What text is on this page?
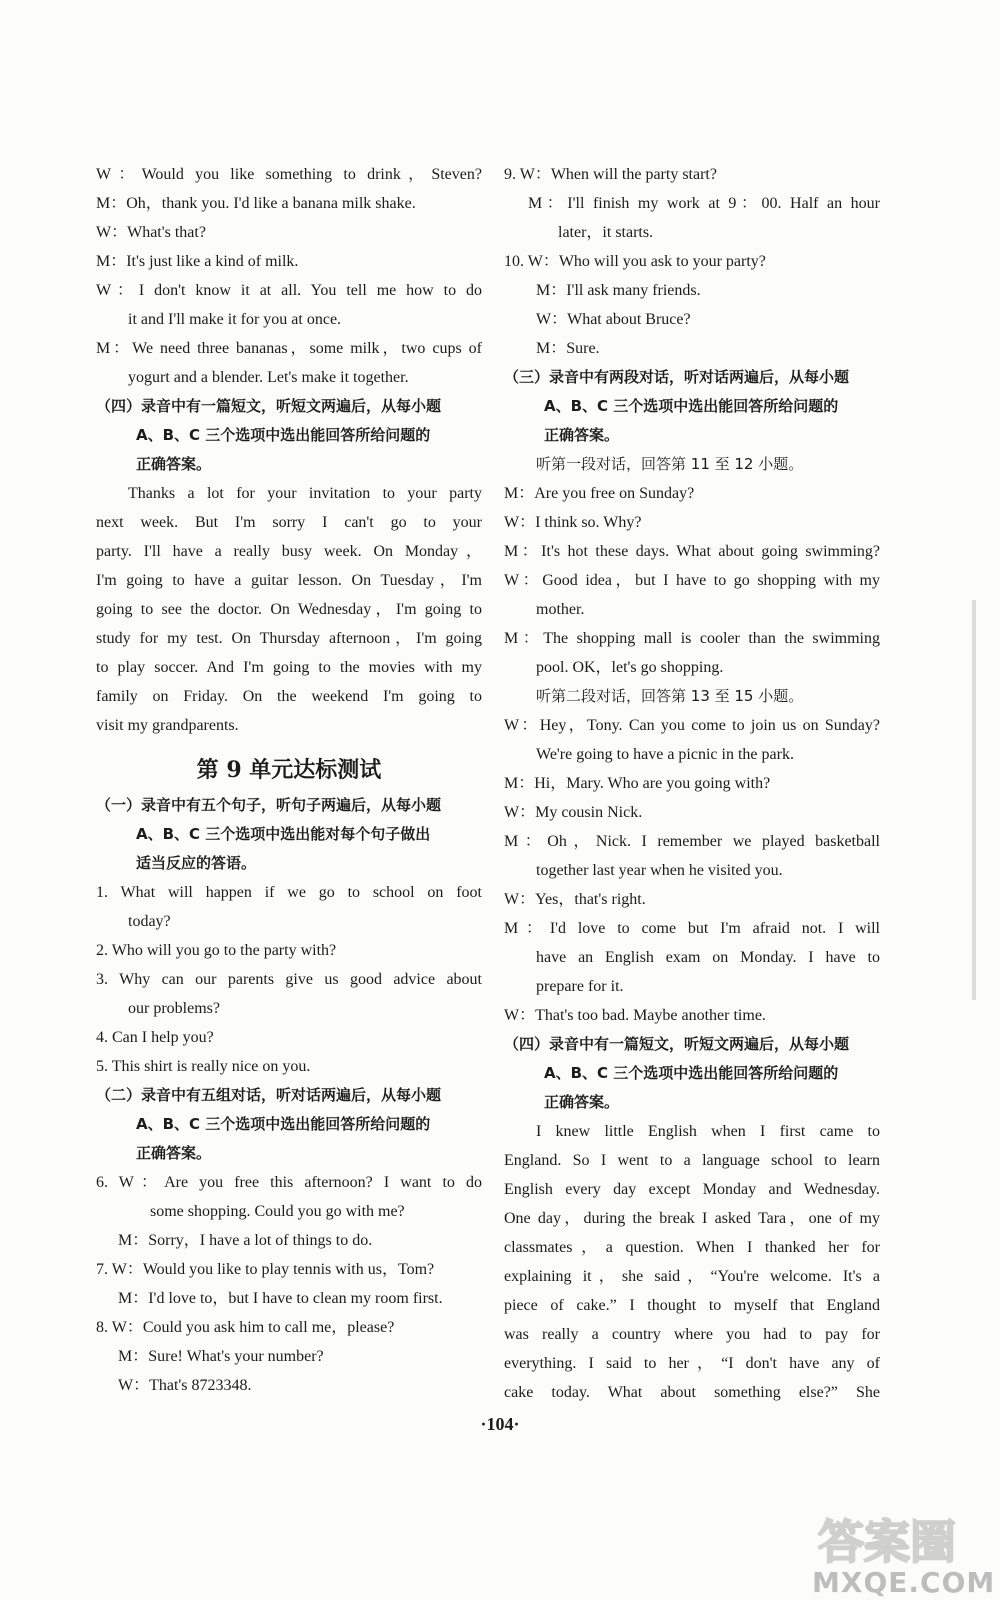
W：Would you like something to drink，Steven?
M：Oh，thank you. I'd like a banana milk shake.
W：What's that?
M：It's just like a kind of milk.
W：I don't know it at all. You tell me how to do
it and I'll make it for you at once.
M：We need three bananas，some milk，two cups of
yogurt and a blender. Let's make it together.
（四）录音中有一篇短文，听短文两遍后，从每小题
A、B、C 三个选项中选出能回答所给问题的
正确答案。
Thanks a lot for your invitation to your party
next week. But I'm sorry I can't go to your
party. I'll have a really busy week. On Monday，
I'm going to have a guitar lesson. On Tuesday，I'm
going to see the doctor. On Wednesday，I'm going to
study for my test. On Thursday afternoon，I'm going
to play soccer. And I'm going to the movies with my
family on Friday. On the weekend I'm going to
visit my grandparents.
第 9 单元达标测试
（一）录音中有五个句子，听句子两遍后，从每小题
A、B、C 三个选项中选出能对每个句子做出
适当反应的答语。
1. What will happen if we go to school on foot
today?
2. Who will you go to the party with?
3. Why can our parents give us good advice about
our problems?
4. Can I help you?
5. This shirt is really nice on you.
（二）录音中有五组对话，听对话两遍后，从每小题
A、B、C 三个选项中选出能回答所给问题的
正确答案。
6. W：Are you free this afternoon? I want to do
some shopping. Could you go with me?
M：Sorry，I have a lot of things to do.
7. W：Would you like to play tennis with us，Tom?
M：I'd love to，but I have to clean my room first.
8. W：Could you ask him to call me，please?
M：Sure! What's your number?
W：That's 8723348.
9. W：When will the party start?
M：I'll finish my work at 9：00. Half an hour
later，it starts.
10. W：Who will you ask to your party?
M：I'll ask many friends.
W：What about Bruce?
M：Sure.
（三）录音中有两段对话，听对话两遍后，从每小题
A、B、C 三个选项中选出能回答所给问题的
正确答案。
听第一段对话，回答第 11 至 12 小题。
M：Are you free on Sunday?
W：I think so. Why?
M：It's hot these days. What about going swimming?
W：Good idea，but I have to go shopping with my
mother.
M：The shopping mall is cooler than the swimming
pool. OK，let's go shopping.
听第二段对话，回答第 13 至 15 小题。
W：Hey，Tony. Can you come to join us on Sunday?
We're going to have a picnic in the park.
M：Hi，Mary. Who are you going with?
W：My cousin Nick.
M：Oh，Nick. I remember we played basketball
together last year when he visited you.
W：Yes，that's right.
M：I'd love to come but I'm afraid not. I will
have an English exam on Monday. I have to
prepare for it.
W：That's too bad. Maybe another time.
（四）录音中有一篇短文，听短文两遍后，从每小题
A、B、C 三个选项中选出能回答所给问题的
正确答案。
I knew little English when I first came to
England. So I went to a language school to learn
English every day except Monday and Wednesday.
One day，during the break I asked Tara，one of my
classmates，a question. When I thanked her for
explaining it，she said，“You're welcome. It's a
piece of cake.” I thought to myself that England
was really a country where you had to pay for
everything. I said to her，“I don't have any of
cake today. What about something else?” She
·104·
答案圈
MXQE.COM
